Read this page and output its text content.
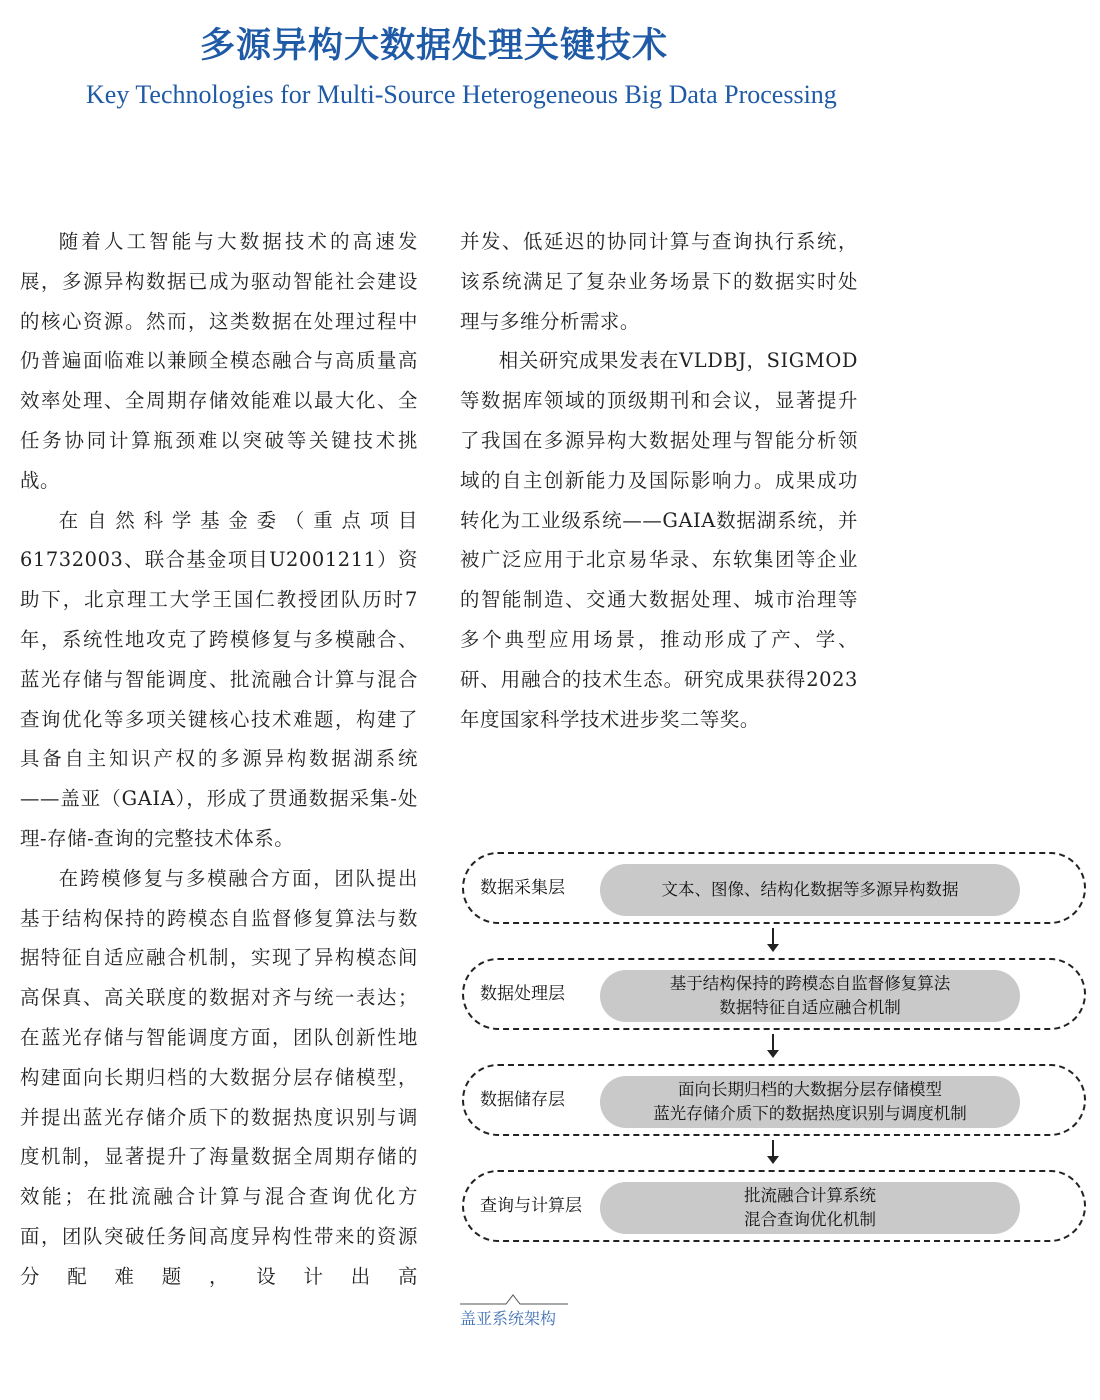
多源异构大数据处理关键技术
Key Technologies for Multi-Source Heterogeneous Big Data Processing

随着人工智能与大数据技术的高速发展，多源异构数据已成为驱动智能社会建设的核心资源。然而，这类数据在处理过程中仍普遍面临难以兼顾全模态融合与高质量高效率处理、全周期存储效能难以最大化、全任务协同计算瓶颈难以突破等关键技术挑战。

在自然科学基金委（重点项目61732003、联合基金项目U2001211）资助下，北京理工大学王国仁教授团队历时7年，系统性地攻克了跨模修复与多模融合、蓝光存储与智能调度、批流融合计算与混合查询优化等多项关键核心技术难题，构建了具备自主知识产权的多源异构数据湖系统——盖亚（GAIA），形成了贯通数据采集-处理-存储-查询的完整技术体系。

在跨模修复与多模融合方面，团队提出基于结构保持的跨模态自监督修复算法与数据特征自适应融合机制，实现了异构模态间高保真、高关联度的数据对齐与统一表达；在蓝光存储与智能调度方面，团队创新性地构建面向长期归档的大数据分层存储模型，并提出蓝光存储介质下的数据热度识别与调度机制，显著提升了海量数据全周期存储的效能；在批流融合计算与混合查询优化方面，团队突破任务间高度异构性带来的资源分配难题，设计出高

并发、低延迟的协同计算与查询执行系统，该系统满足了复杂业务场景下的数据实时处理与多维分析需求。

相关研究成果发表在VLDBJ，SIGMOD等数据库领域的顶级期刊和会议，显著提升了我国在多源异构大数据处理与智能分析领域的自主创新能力及国际影响力。成果成功转化为工业级系统——GAIA数据湖系统，并被广泛应用于北京易华录、东软集团等企业的智能制造、交通大数据处理、城市治理等多个典型应用场景，推动形成了产、学、研、用融合的技术生态。研究成果获得2023年度国家科学技术进步奖二等奖。

数据采集层	文本、图像、结构化数据等多源异构数据
数据处理层
基于结构保持的跨模态自监督修复算法
数据特征自适应融合机制
数据储存层
面向长期归档的大数据分层存储模型
蓝光存储介质下的数据热度识别与调度机制
查询与计算层
批流融合计算系统
混合查询优化机制
盖亚系统架构
